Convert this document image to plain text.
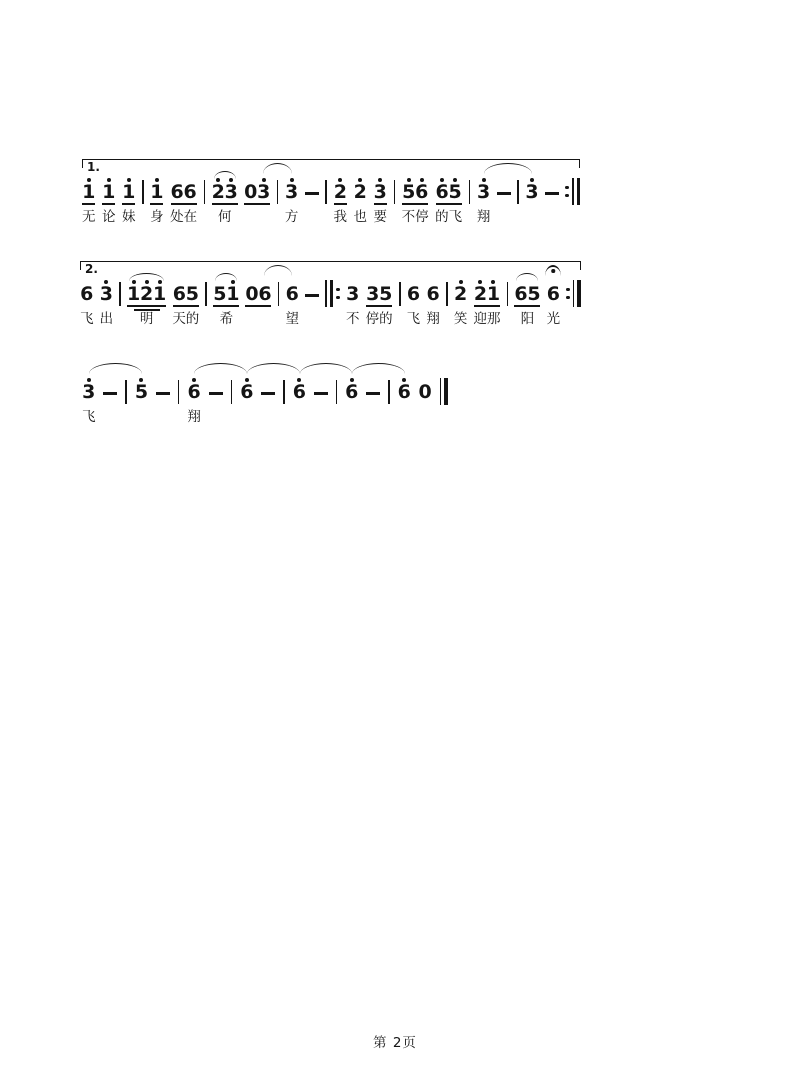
1.
1
无
1
论
1
妹
1
身
6 6
处在
2 3
何
0 3 3
方
2
我
2
也
3
要
5 6
不停
6 5
的飞
3
翔
3
2.
6
飞
3
出
1 2 1
明
6 5
天的
5 1
希
0 6 6
望
3
不
3 5
停的
6
飞
6
翔
2
笑
2 1
迎那
6 5
阳
6
光
3
飞
5 6
翔
6 6 6 6 0
第 2页
